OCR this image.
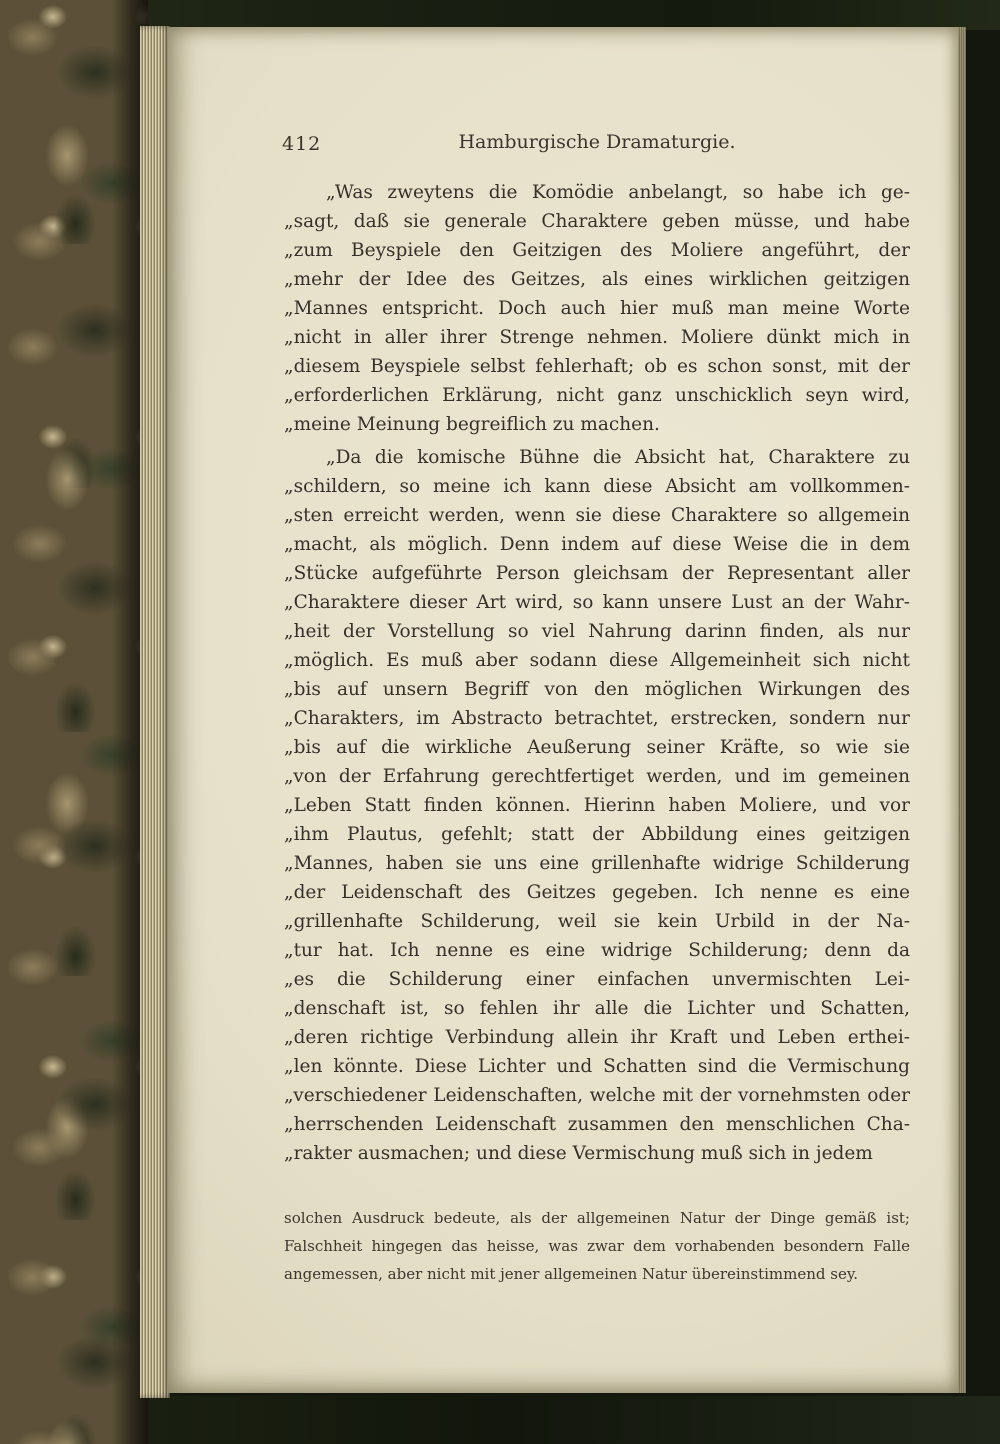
412	Hamburgische Dramaturgie.
„Was zweytens die Komödie anbelangt, so habe ich ge-
„sagt, daß sie generale Charaktere geben müsse, und habe
„zum Beyspiele den Geitzigen des Moliere angeführt, der
„mehr der Idee des Geitzes, als eines wirklichen geitzigen
„Mannes entspricht. Doch auch hier muß man meine Worte
„nicht in aller ihrer Strenge nehmen. Moliere dünkt mich in
„diesem Beyspiele selbst fehlerhaft; ob es schon sonst, mit der
„erforderlichen Erklärung, nicht ganz unschicklich seyn wird,
„meine Meinung begreiflich zu machen.
„Da die komische Bühne die Absicht hat, Charaktere zu
„schildern, so meine ich kann diese Absicht am vollkommen-
„sten erreicht werden, wenn sie diese Charaktere so allgemein
„macht, als möglich. Denn indem auf diese Weise die in dem
„Stücke aufgeführte Person gleichsam der Representant aller
„Charaktere dieser Art wird, so kann unsere Lust an der Wahr-
„heit der Vorstellung so viel Nahrung darinn finden, als nur
„möglich. Es muß aber sodann diese Allgemeinheit sich nicht
„bis auf unsern Begriff von den möglichen Wirkungen des
„Charakters, im Abstracto betrachtet, erstrecken, sondern nur
„bis auf die wirkliche Aeußerung seiner Kräfte, so wie sie
„von der Erfahrung gerechtfertiget werden, und im gemeinen
„Leben Statt finden können. Hierinn haben Moliere, und vor
„ihm Plautus, gefehlt; statt der Abbildung eines geitzigen
„Mannes, haben sie uns eine grillenhafte widrige Schilderung
„der Leidenschaft des Geitzes gegeben. Ich nenne es eine
„grillenhafte Schilderung, weil sie kein Urbild in der Na-
„tur hat. Ich nenne es eine widrige Schilderung; denn da
„es die Schilderung einer einfachen unvermischten Lei-
„denschaft ist, so fehlen ihr alle die Lichter und Schatten,
„deren richtige Verbindung allein ihr Kraft und Leben erthei-
„len könnte. Diese Lichter und Schatten sind die Vermischung
„verschiedener Leidenschaften, welche mit der vornehmsten oder
„herrschenden Leidenschaft zusammen den menschlichen Cha-
„rakter ausmachen; und diese Vermischung muß sich in jedem
solchen Ausdruck bedeute, als der allgemeinen Natur der Dinge gemäß ist;
Falschheit hingegen das heisse, was zwar dem vorhabenden besondern Falle
angemessen, aber nicht mit jener allgemeinen Natur übereinstimmend sey.
